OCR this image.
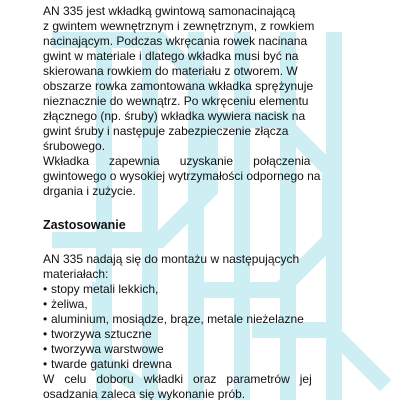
AN 335 jest wkładką gwintową samonacinającą
z gwintem wewnętrznym i zewnętrznym, z rowkiem
nacinającym. Podczas wkręcania rowek nacinana
gwint w materiale i dlatego wkładka musi być na
skierowana rowkiem do materiału z otworem. W
obszarze rowka zamontowana wkładka sprężynuje
nieznacznie do wewnątrz. Po wkręceniu elementu
złącznego (np. śruby) wkładka wywiera nacisk na
gwint śruby i następuje zabezpieczenie złącza
śrubowego.
Wkładka      zapewnia      uzyskanie      połączenia
gwintowego o wysokiej wytrzymałości odpornego na
drgania i zużycie.
Zastosowanie
AN 335 nadają się do montażu w następujących
materiałach:
• stopy metali lekkich,
• żeliwa,
• aluminium, mosiądze, brąze, metale nieżelazne
• tworzywa sztuczne
• tworzywa warstwowe
• twarde gatunki drewna
W   celu   doboru   wkładki   oraz   parametrów   jej
osadzania zaleca się wykonanie prób.
